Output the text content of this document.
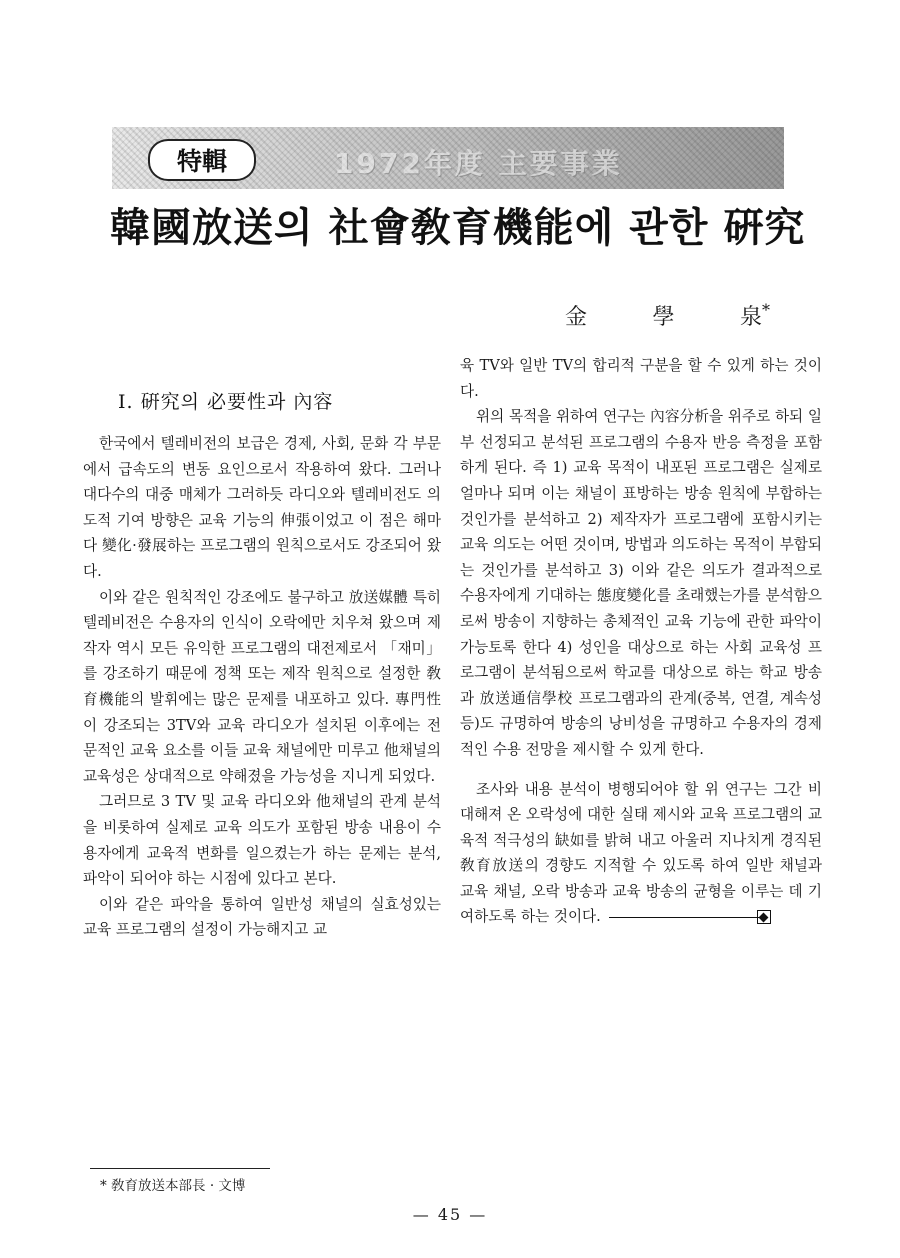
特輯	1972年度 主要事業
韓國放送의 社會敎育機能에 관한 硏究
金	學	泉*
Ⅰ. 硏究의 必要性과 內容

한국에서 텔레비전의 보급은 경제, 사회, 문화 각 부문에서 급속도의 변동 요인으로서 작용하여 왔다. 그러나 대다수의 대중 매체가 그러하듯 라디오와 텔레비전도 의도적 기여 방향은 교육 기능의 伸張이었고 이 점은 해마다 變化·發展하는 프로그램의 원칙으로서도 강조되어 왔다.

이와 같은 원칙적인 강조에도 불구하고 放送媒體 특히 텔레비전은 수용자의 인식이 오락에만 치우쳐 왔으며 제작자 역시 모든 유익한 프로그램의 대전제로서 「재미」를 강조하기 때문에 정책 또는 제작 원칙으로 설정한 敎育機能의 발휘에는 많은 문제를 내포하고 있다. 專門性이 강조되는 3TV와 교육 라디오가 설치된 이후에는 전문적인 교육 요소를 이들 교육 채널에만 미루고 他채널의 교육성은 상대적으로 약해졌을 가능성을 지니게 되었다.

그러므로 3 TV 및 교육 라디오와 他채널의 관계 분석을 비롯하여 실제로 교육 의도가 포함된 방송 내용이 수용자에게 교육적 변화를 일으켰는가 하는 문제는 분석, 파악이 되어야 하는 시점에 있다고 본다.

이와 같은 파악을 통하여 일반성 채널의 실효성있는 교육 프로그램의 설정이 가능해지고 교

육 TV와 일반 TV의 합리적 구분을 할 수 있게 하는 것이다.

위의 목적을 위하여 연구는 內容分析을 위주로 하되 일부 선정되고 분석된 프로그램의 수용자 반응 측정을 포함하게 된다. 즉 1) 교육 목적이 내포된 프로그램은 실제로 얼마나 되며 이는 채널이 표방하는 방송 원칙에 부합하는 것인가를 분석하고 2) 제작자가 프로그램에 포함시키는 교육 의도는 어떤 것이며, 방법과 의도하는 목적이 부합되는 것인가를 분석하고 3) 이와 같은 의도가 결과적으로 수용자에게 기대하는 態度變化를 초래했는가를 분석함으로써 방송이 지향하는 총체적인 교육 기능에 관한 파악이 가능토록 한다 4) 성인을 대상으로 하는 사회 교육성 프로그램이 분석됨으로써 학교를 대상으로 하는 학교 방송과 放送通信學校 프로그램과의 관계(중복, 연결, 계속성 등)도 규명하여 방송의 낭비성을 규명하고 수용자의 경제적인 수용 전망을 제시할 수 있게 한다.

조사와 내용 분석이 병행되어야 할 위 연구는 그간 비대해져 온 오락성에 대한 실태 제시와 교육 프로그램의 교육적 적극성의 缺如를 밝혀 내고 아울러 지나치게 경직된 敎育放送의 경향도 지적할 수 있도록 하여 일반 채널과 교육 채널, 오락 방송과 교육 방송의 균형을 이루는 데 기여하도록 하는 것이다.

* 敎育放送本部長 · 文博
— 45 —
